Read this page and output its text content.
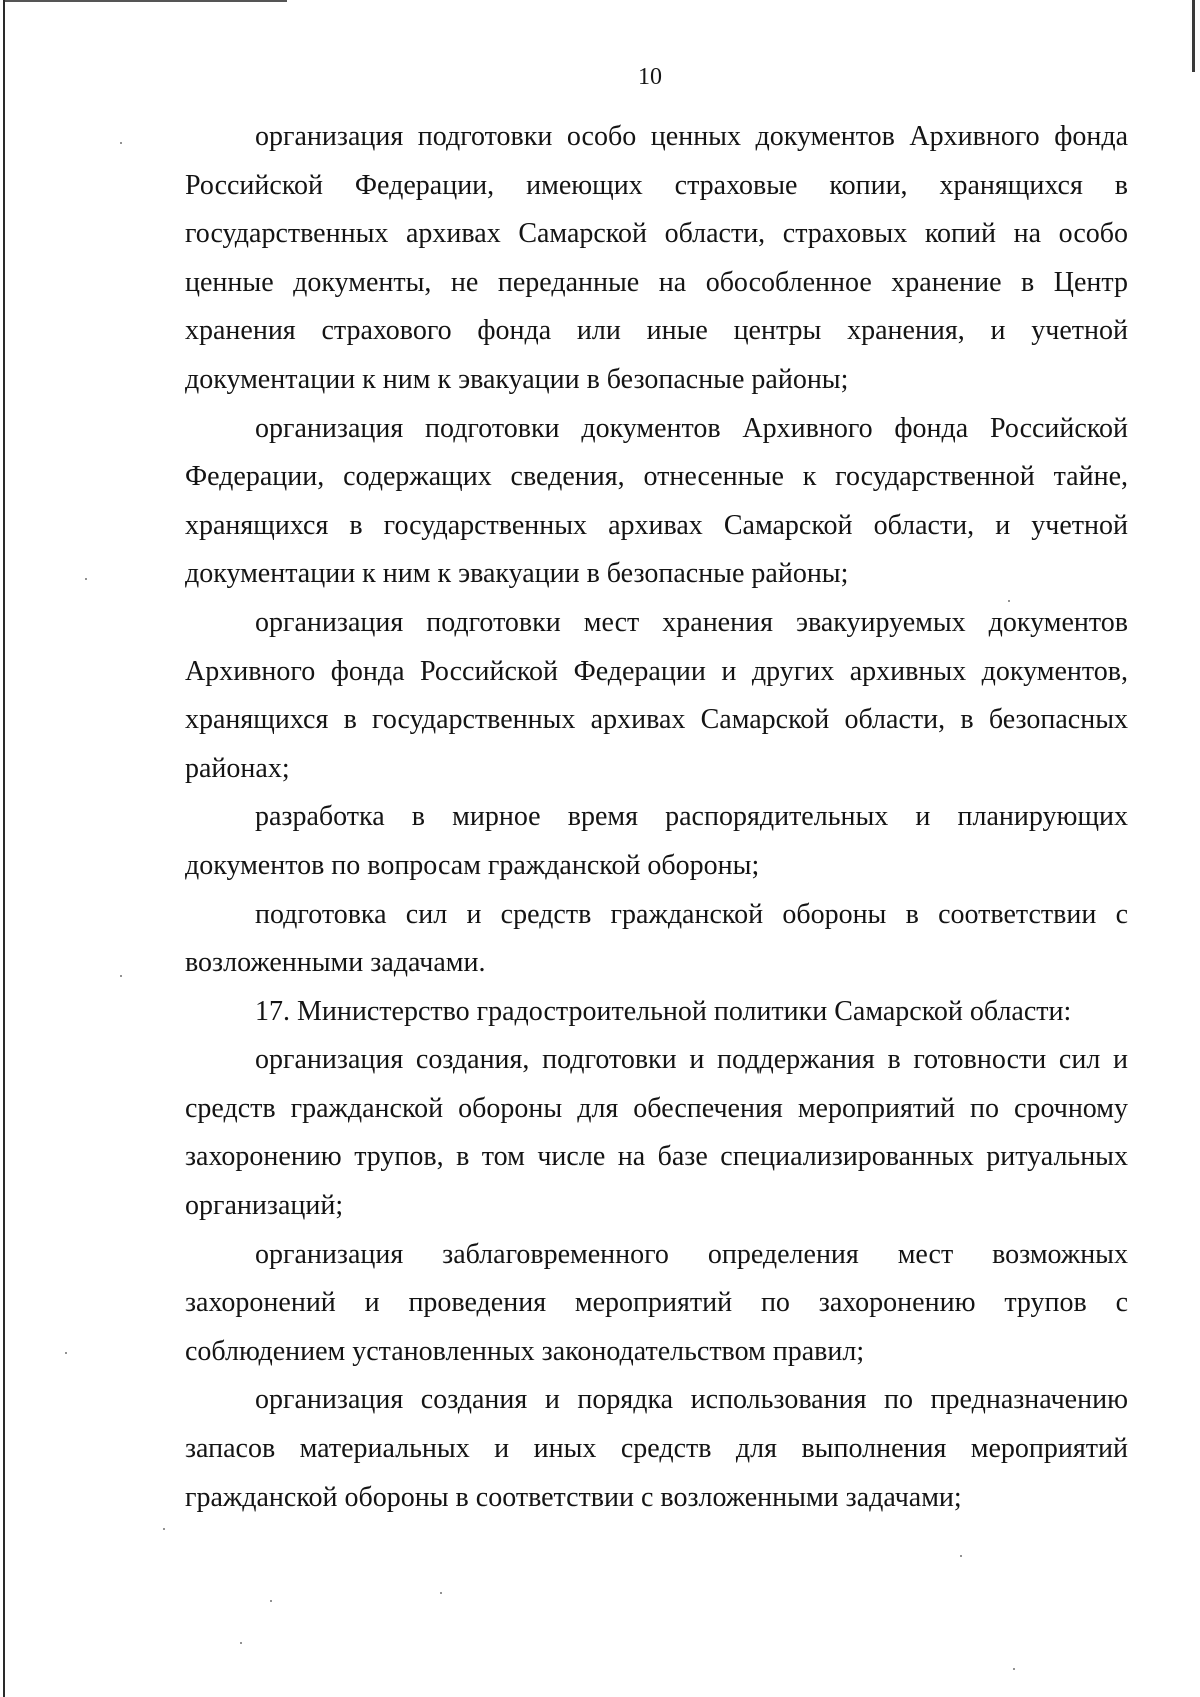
10

организация подготовки особо ценных документов Архивного фонда Российской Федерации, имеющих страховые копии, хранящихся в государственных архивах Самарской области, страховых копий на особо ценные документы, не переданные на обособленное хранение в Центр хранения страхового фонда или иные центры хранения, и учетной документации к ним к эвакуации в безопасные районы;

организация подготовки документов Архивного фонда Российской Федерации, содержащих сведения, отнесенные к государственной тайне, хранящихся в государственных архивах Самарской области, и учетной документации к ним к эвакуации в безопасные районы;

организация подготовки мест хранения эвакуируемых документов Архивного фонда Российской Федерации и других архивных документов, хранящихся в государственных архивах Самарской области, в безопасных районах;

разработка в мирное время распорядительных и планирующих документов по вопросам гражданской обороны;

подготовка сил и средств гражданской обороны в соответствии с возложенными задачами.

17. Министерство градостроительной политики Самарской области:

организация создания, подготовки и поддержания в готовности сил и средств гражданской обороны для обеспечения мероприятий по срочному захоронению трупов, в том числе на базе специализированных ритуальных организаций;

организация заблаговременного определения мест возможных захоронений и проведения мероприятий по захоронению трупов с соблюдением установленных законодательством правил;

организация создания и порядка использования по предназначению запасов материальных и иных средств для выполнения мероприятий гражданской обороны в соответствии с возложенными задачами;
